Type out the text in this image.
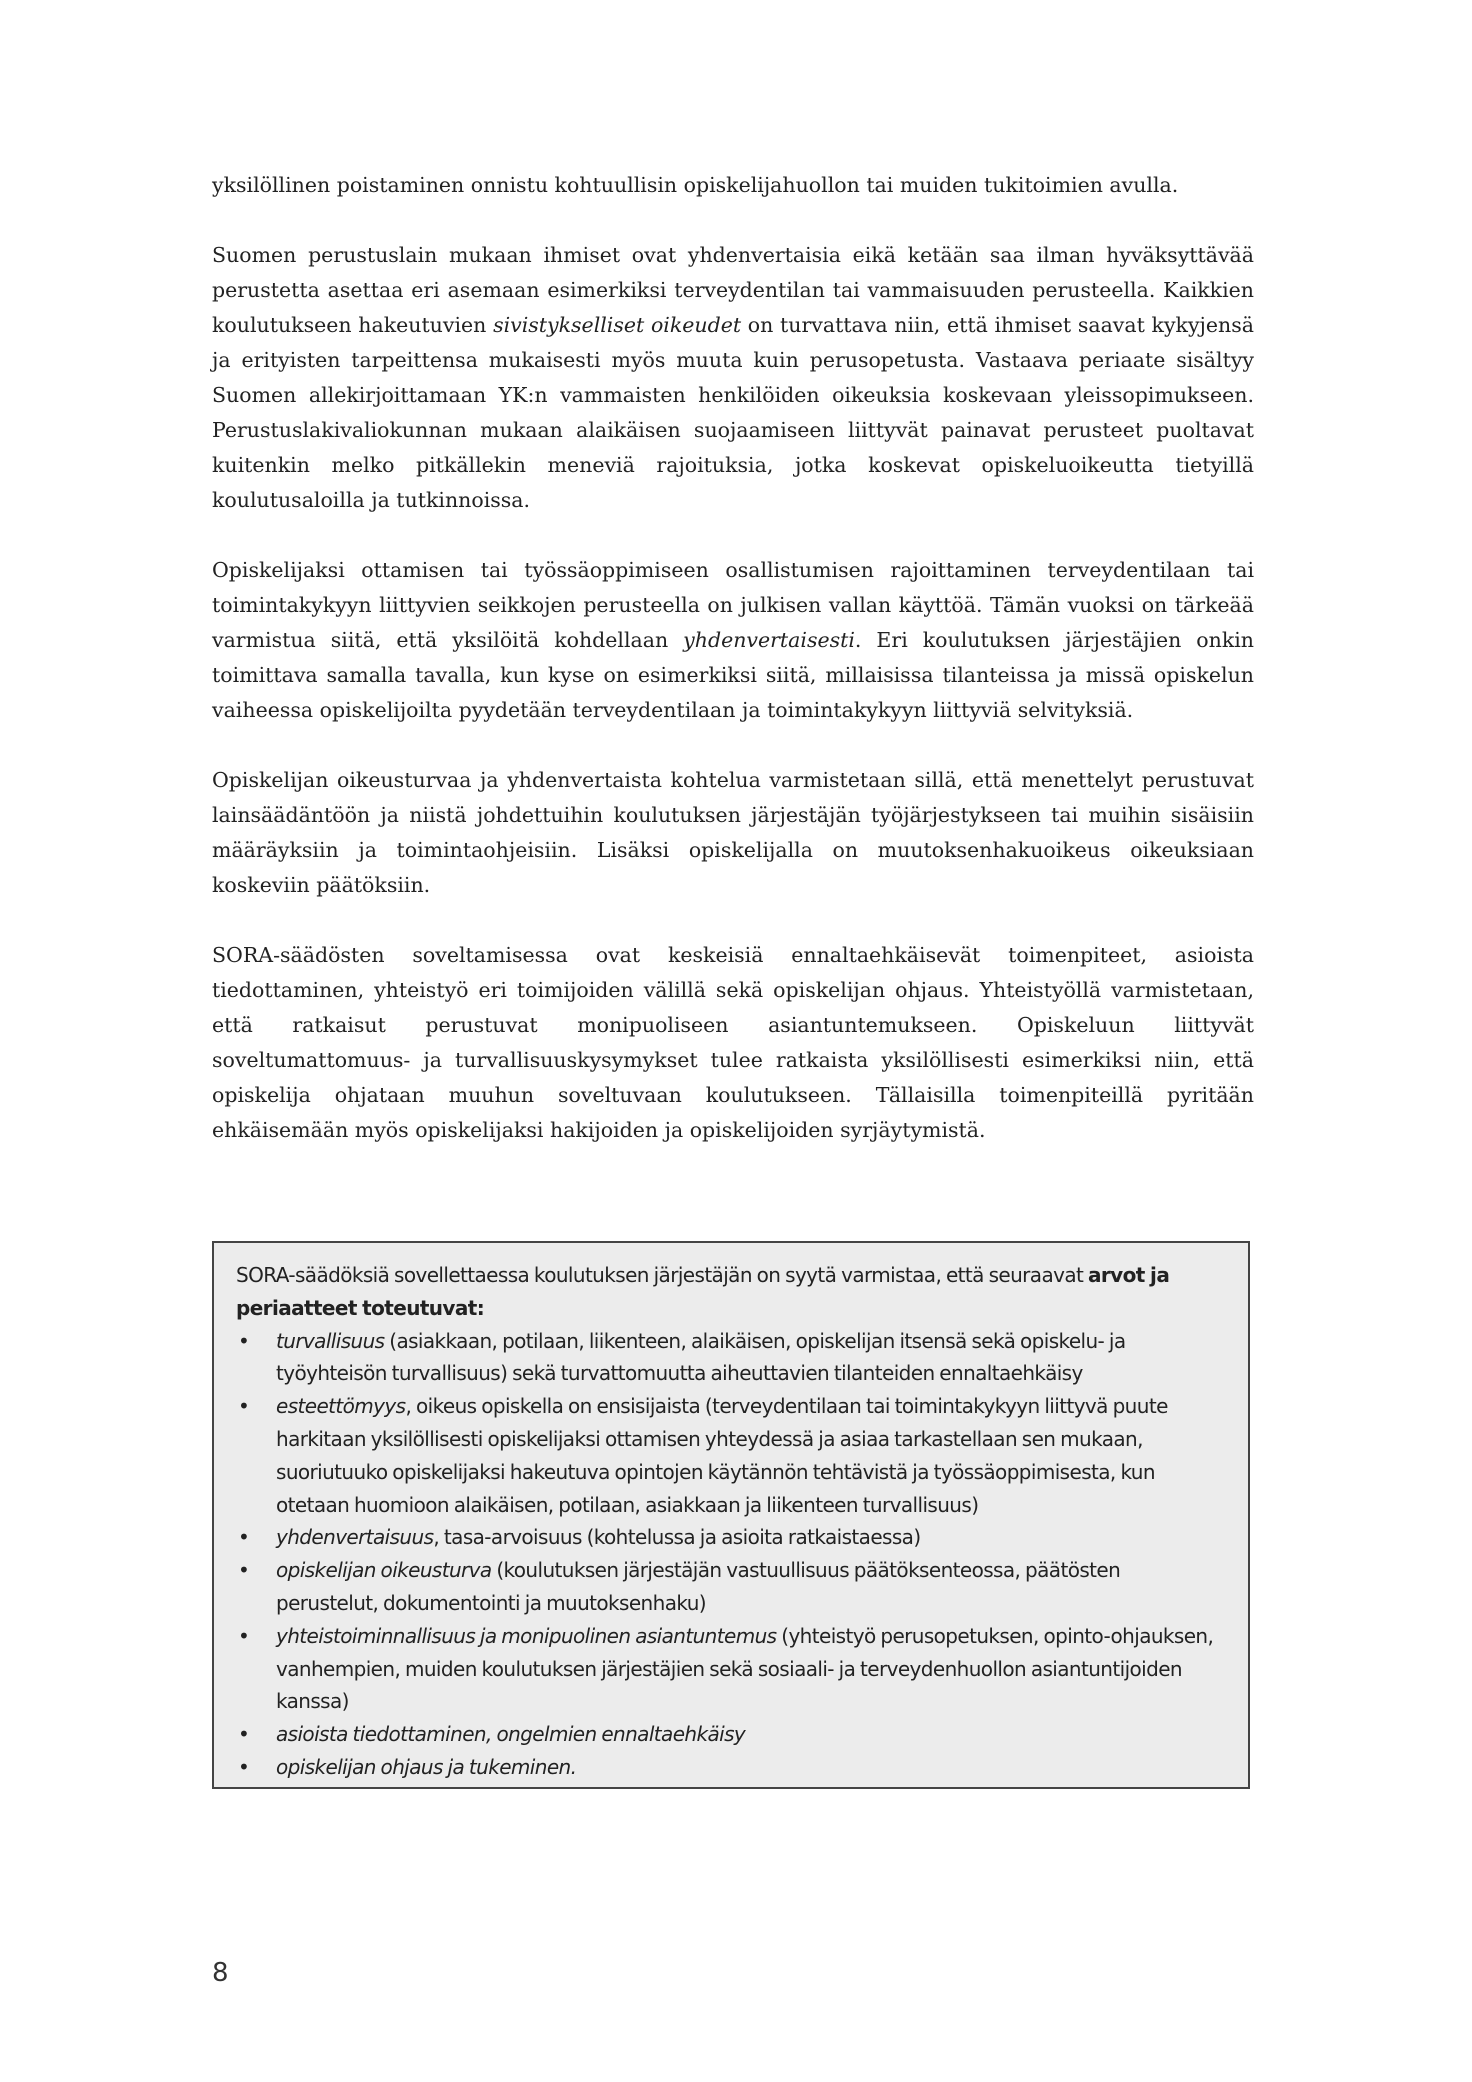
yksilöllinen poistaminen onnistu kohtuullisin opiskelijahuollon tai muiden tukitoimien avulla.

Suomen perustuslain mukaan ihmiset ovat yhdenvertaisia eikä ketään saa ilman hyväksyttävää perustetta asettaa eri asemaan esimerkiksi terveydentilan tai vammaisuuden perusteella. Kaikkien koulutukseen hakeutuvien sivistykselliset oikeudet on turvattava niin, että ihmiset saavat kykyjensä ja erityisten tarpeittensa mukaisesti myös muuta kuin perusopetusta. Vastaava periaate sisältyy Suomen allekirjoittamaan YK:n vammaisten henkilöiden oikeuksia koskevaan yleissopimukseen. Perustuslakivaliokunnan mukaan alaikäisen suojaamiseen liittyvät painavat perusteet puoltavat kuitenkin melko pitkällekin meneviä rajoituksia, jotka koskevat opiskeluoikeutta tietyillä koulutusaloilla ja tutkinnoissa.

Opiskelijaksi ottamisen tai työssäoppimiseen osallistumisen rajoittaminen terveydentilaan tai toimintakykyyn liittyvien seikkojen perusteella on julkisen vallan käyttöä. Tämän vuoksi on tärkeää varmistua siitä, että yksilöitä kohdellaan yhdenvertaisesti. Eri koulutuksen järjestäjien onkin toimittava samalla tavalla, kun kyse on esimerkiksi siitä, millaisissa tilanteissa ja missä opiskelun vaiheessa opiskelijoilta pyydetään terveydentilaan ja toimintakykyyn liittyviä selvityksiä.

Opiskelijan oikeusturvaa ja yhdenvertaista kohtelua varmistetaan sillä, että menettelyt perustuvat lainsäädäntöön ja niistä johdettuihin koulutuksen järjestäjän työjärjestykseen tai muihin sisäisiin määräyksiin ja toimintaohjeisiin. Lisäksi opiskelijalla on muutoksenhakuoikeus oikeuksiaan koskeviin päätöksiin.

SORA-säädösten soveltamisessa ovat keskeisiä ennaltaehkäisevät toimenpiteet, asioista tiedottaminen, yhteistyö eri toimijoiden välillä sekä opiskelijan ohjaus. Yhteistyöllä varmistetaan, että ratkaisut perustuvat monipuoliseen asiantuntemukseen. Opiskeluun liittyvät soveltumattomuus- ja turvallisuuskysymykset tulee ratkaista yksilöllisesti esimerkiksi niin, että opiskelija ohjataan muuhun soveltuvaan koulutukseen. Tällaisilla toimenpiteillä pyritään ehkäisemään myös opiskelijaksi hakijoiden ja opiskelijoiden syrjäytymistä.

SORA-säädöksiä sovellettaessa koulutuksen järjestäjän on syytä varmistaa, että seuraavat arvot ja periaatteet toteutuvat:

• turvallisuus (asiakkaan, potilaan, liikenteen, alaikäisen, opiskelijan itsensä sekä opiskelu- ja työyhteisön turvallisuus) sekä turvattomuutta aiheuttavien tilanteiden ennaltaehkäisy
• esteettömyys, oikeus opiskella on ensisijaista (terveydentilaan tai toimintakykyyn liittyvä puute harkitaan yksilöllisesti opiskelijaksi ottamisen yhteydessä ja asiaa tarkastellaan sen mukaan, suoriutuuko opiskelijaksi hakeutuva opintojen käytännön tehtävistä ja työssäoppimisesta, kun otetaan huomioon alaikäisen, potilaan, asiakkaan ja liikenteen turvallisuus)
• yhdenvertaisuus, tasa-arvoisuus (kohtelussa ja asioita ratkaistaessa)
• opiskelijan oikeusturva (koulutuksen järjestäjän vastuullisuus päätöksenteossa, päätösten perustelut, dokumentointi ja muutoksenhaku)
• yhteistoiminnallisuus ja monipuolinen asiantuntemus (yhteistyö perusopetuksen, opinto-ohjauksen, vanhempien, muiden koulutuksen järjestäjien sekä sosiaali- ja terveydenhuollon asiantuntijoiden kanssa)
• asioista tiedottaminen, ongelmien ennaltaehkäisy
• opiskelijan ohjaus ja tukeminen.
8
